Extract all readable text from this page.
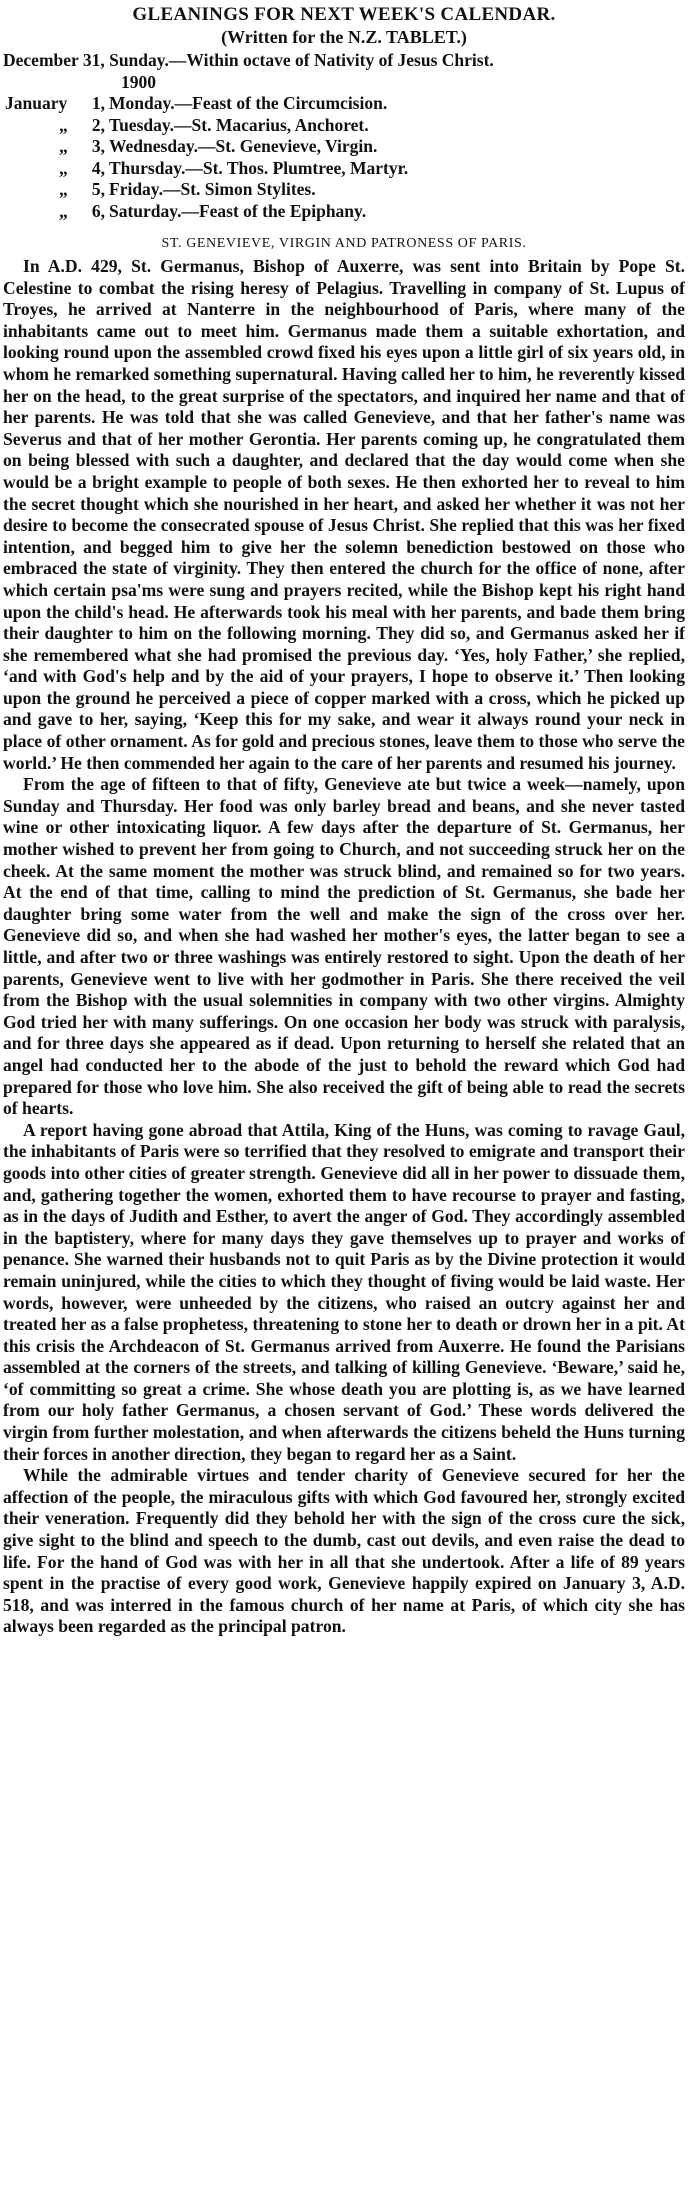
GLEANINGS FOR NEXT WEEK'S CALENDAR.
(Written for the N.Z. TABLET.)
December 31, Sunday.—Within octave of Nativity of Jesus Christ.
1900
January	1, Monday.—Feast of the Circumcision.
„	2, Tuesday.—St. Macarius, Anchoret.
„	3, Wednesday.—St. Genevieve, Virgin.
„	4, Thursday.—St. Thos. Plumtree, Martyr.
„	5, Friday.—St. Simon Stylites.
„	6, Saturday.—Feast of the Epiphany.
ST. GENEVIEVE, VIRGIN AND PATRONESS OF PARIS.

In A.D. 429, St. Germanus, Bishop of Auxerre, was sent into Britain by Pope St. Celestine to combat the rising heresy of Pelagius. Travelling in company of St. Lupus of Troyes, he arrived at Nanterre in the neighbourhood of Paris, where many of the inhabitants came out to meet him. Germanus made them a suitable exhortation, and looking round upon the assembled crowd fixed his eyes upon a little girl of six years old, in whom he remarked something supernatural. Having called her to him, he reverently kissed her on the head, to the great surprise of the spectators, and inquired her name and that of her parents. He was told that she was called Genevieve, and that her father's name was Severus and that of her mother Gerontia. Her parents coming up, he congratulated them on being blessed with such a daughter, and declared that the day would come when she would be a bright example to people of both sexes. He then exhorted her to reveal to him the secret thought which she nourished in her heart, and asked her whether it was not her desire to become the consecrated spouse of Jesus Christ. She replied that this was her fixed intention, and begged him to give her the solemn benediction bestowed on those who embraced the state of virginity. They then entered the church for the office of none, after which certain psa'ms were sung and prayers recited, while the Bishop kept his right hand upon the child's head. He afterwards took his meal with her parents, and bade them bring their daughter to him on the following morning. They did so, and Germanus asked her if she remembered what she had promised the previous day. ‘Yes, holy Father,’ she replied, ‘and with God's help and by the aid of your prayers, I hope to observe it.’ Then looking upon the ground he perceived a piece of copper marked with a cross, which he picked up and gave to her, saying, ‘Keep this for my sake, and wear it always round your neck in place of other ornament. As for gold and precious stones, leave them to those who serve the world.’ He then commended her again to the care of her parents and resumed his journey.

From the age of fifteen to that of fifty, Genevieve ate but twice a week—namely, upon Sunday and Thursday. Her food was only barley bread and beans, and she never tasted wine or other intoxicating liquor. A few days after the departure of St. Germanus, her mother wished to prevent her from going to Church, and not succeeding struck her on the cheek. At the same moment the mother was struck blind, and remained so for two years. At the end of that time, calling to mind the prediction of St. Germanus, she bade her daughter bring some water from the well and make the sign of the cross over her. Genevieve did so, and when she had washed her mother's eyes, the latter began to see a little, and after two or three washings was entirely restored to sight. Upon the death of her parents, Genevieve went to live with her godmother in Paris. She there received the veil from the Bishop with the usual solemnities in company with two other virgins. Almighty God tried her with many sufferings. On one occasion her body was struck with paralysis, and for three days she appeared as if dead. Upon returning to herself she related that an angel had conducted her to the abode of the just to behold the reward which God had prepared for those who love him. She also received the gift of being able to read the secrets of hearts.

A report having gone abroad that Attila, King of the Huns, was coming to ravage Gaul, the inhabitants of Paris were so terrified that they resolved to emigrate and transport their goods into other cities of greater strength. Genevieve did all in her power to dissuade them, and, gathering together the women, exhorted them to have recourse to prayer and fasting, as in the days of Judith and Esther, to avert the anger of God. They accordingly assembled in the baptistery, where for many days they gave themselves up to prayer and works of penance. She warned their husbands not to quit Paris as by the Divine protection it would remain uninjured, while the cities to which they thought of fiving would be laid waste. Her words, however, were unheeded by the citizens, who raised an outcry against her and treated her as a false prophetess, threatening to stone her to death or drown her in a pit. At this crisis the Archdeacon of St. Germanus arrived from Auxerre. He found the Parisians assembled at the corners of the streets, and talking of killing Genevieve. ‘Beware,’ said he, ‘of committing so great a crime. She whose death you are plotting is, as we have learned from our holy father Germanus, a chosen servant of God.’ These words delivered the virgin from further molestation, and when afterwards the citizens beheld the Huns turning their forces in another direction, they began to regard her as a Saint.

While the admirable virtues and tender charity of Genevieve secured for her the affection of the people, the miraculous gifts with which God favoured her, strongly excited their veneration. Frequently did they behold her with the sign of the cross cure the sick, give sight to the blind and speech to the dumb, cast out devils, and even raise the dead to life. For the hand of God was with her in all that she undertook. After a life of 89 years spent in the practise of every good work, Genevieve happily expired on January 3, A.D. 518, and was interred in the famous church of her name at Paris, of which city she has always been regarded as the principal patron.
